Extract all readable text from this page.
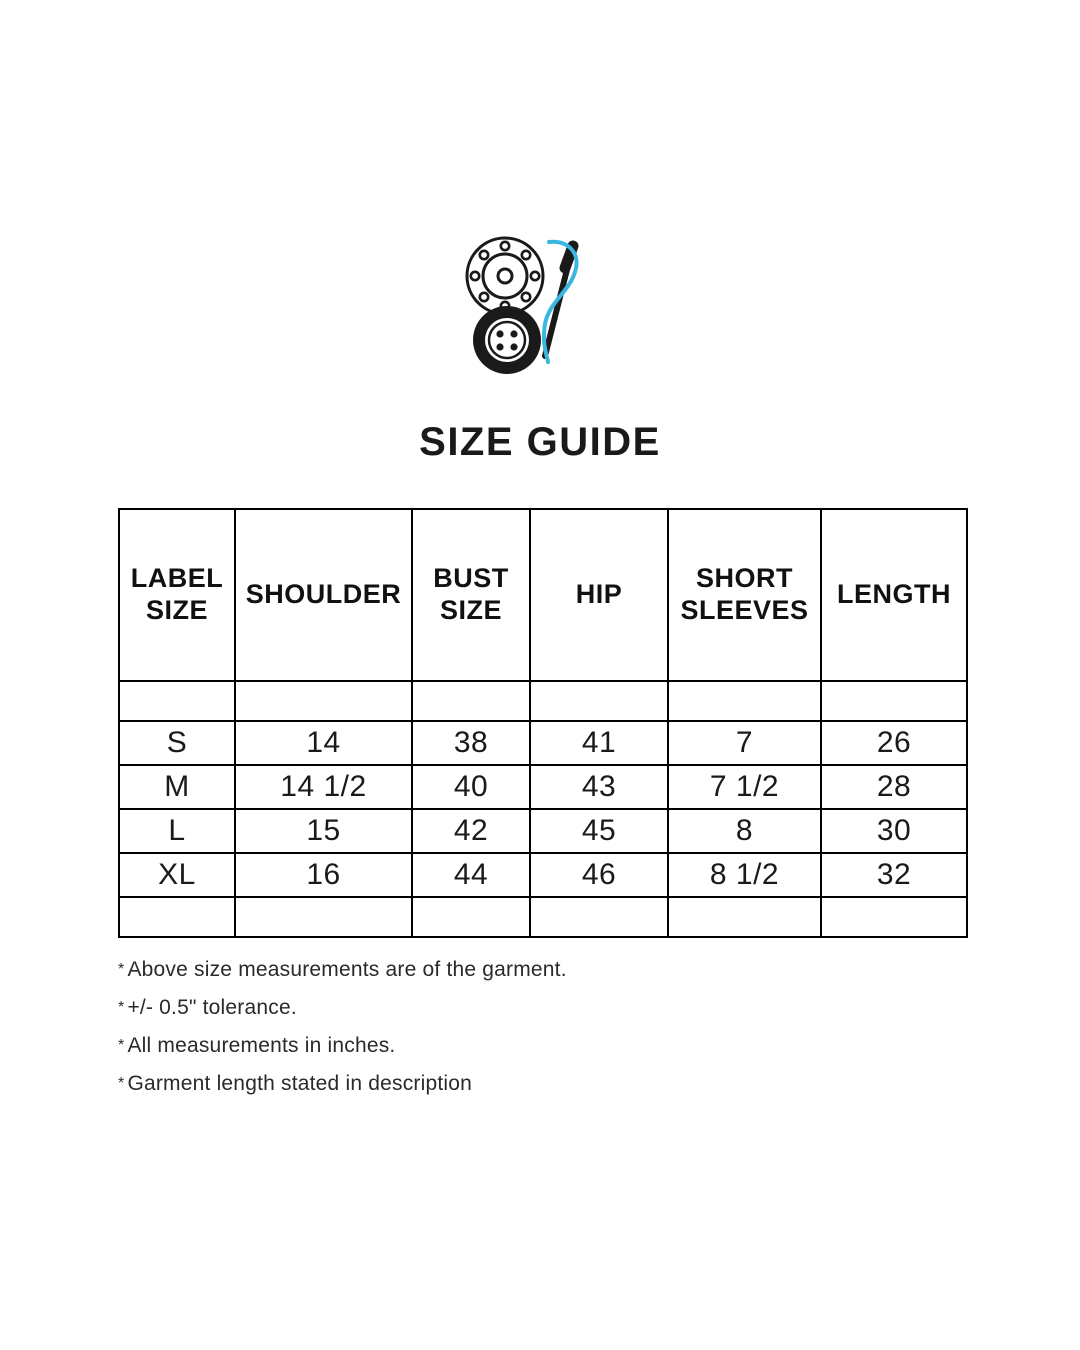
SIZE GUIDE
LABEL SIZE	SHOULDER	BUST SIZE	HIP	SHORT SLEEVES	LENGTH

S	14	38	41	7	26
M	14 1/2	40	43	7 1/2	28
L	15	42	45	8	30
XL	16	44	46	8 1/2	32

* Above size measurements are of the garment.
* +/- 0.5" tolerance.
* All measurements in inches.
* Garment length stated in description
